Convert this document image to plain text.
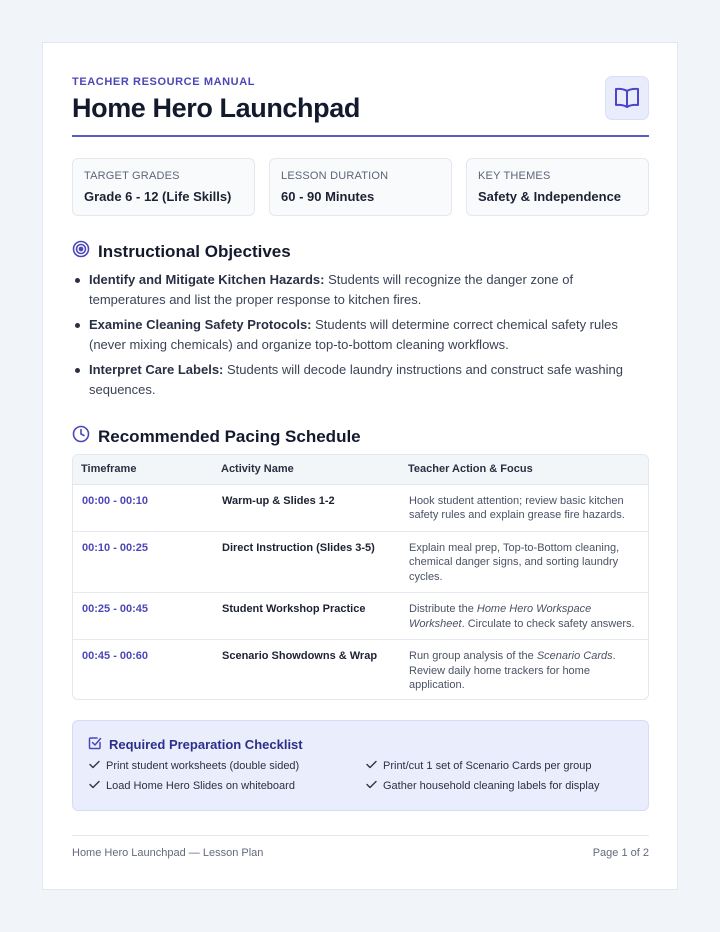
TEACHER RESOURCE MANUAL
Home Hero Launchpad
TARGET GRADES
Grade 6 - 12 (Life Skills)
LESSON DURATION
60 - 90 Minutes
KEY THEMES
Safety & Independence
Instructional Objectives
Identify and Mitigate Kitchen Hazards: Students will recognize the danger zone of temperatures and list the proper response to kitchen fires.
Examine Cleaning Safety Protocols: Students will determine correct chemical safety rules (never mixing chemicals) and organize top-to-bottom cleaning workflows.
Interpret Care Labels: Students will decode laundry instructions and construct safe washing sequences.
Recommended Pacing Schedule
Timeframe	Activity Name	Teacher Action & Focus
00:00 - 00:10	Warm-up & Slides 1-2	Hook student attention; review basic kitchen safety rules and explain grease fire hazards.
00:10 - 00:25	Direct Instruction (Slides 3-5)	Explain meal prep, Top-to-Bottom cleaning, chemical danger signs, and sorting laundry cycles.
00:25 - 00:45	Student Workshop Practice	Distribute the Home Hero Workspace Worksheet. Circulate to check safety answers.
00:45 - 00:60	Scenario Showdowns & Wrap	Run group analysis of the Scenario Cards. Review daily home trackers for home application.
Required Preparation Checklist
Print student worksheets (double sided)	Print/cut 1 set of Scenario Cards per group
Load Home Hero Slides on whiteboard	Gather household cleaning labels for display
Home Hero Launchpad — Lesson Plan	Page 1 of 2
